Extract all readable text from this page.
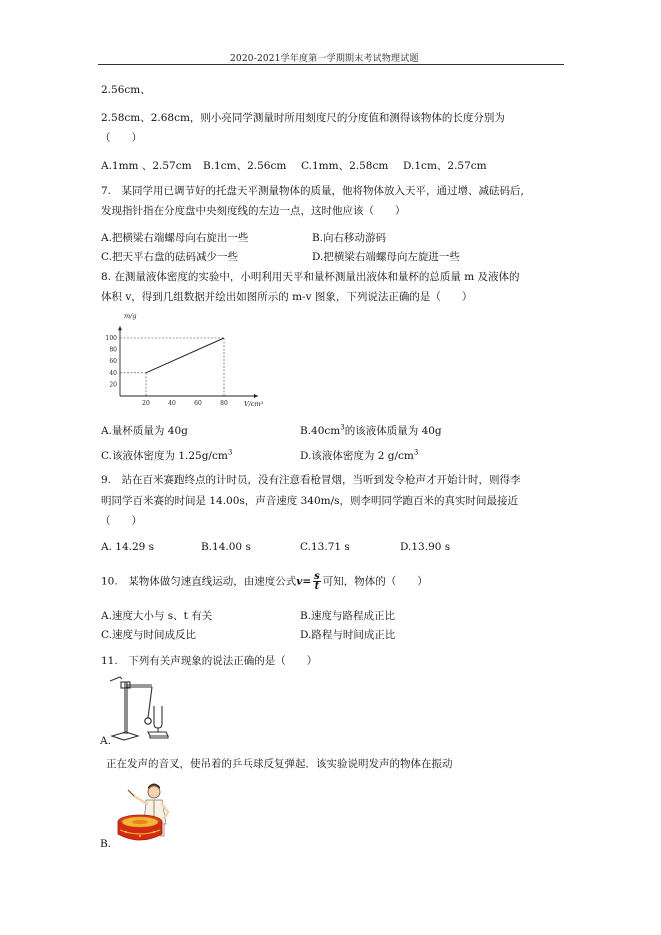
2020-2021学年度第一学期期末考试物理试题
2.56cm、
2.58cm、2.68cm，则小亮同学测量时所用刻度尺的分度值和测得该物体的长度分别为
（　　）
A.1mm 、2.57cm B.1cm、2.56cm C.1mm、2.58cm D.1cm、2.57cm
7.　某同学用已调节好的托盘天平测量物体的质量，他将物体放入天平，通过增、减砝码后,
发现指针指在分度盘中央刻度线的左边一点，这时他应该（　　）
A.把横梁右端螺母向右旋出一些	B.向右移动游码
C.把天平右盘的砝码减少一些	D.把横梁右端螺母向左旋进一些
8. 在测量液体密度的实验中，小明利用天平和量杯测量出液体和量杯的总质量 m 及液体的
体积 v，得到几组数据并绘出如图所示的 m-v 图象，下列说法正确的是（　　）
m/g
V/cm³
20
40
60
80
100
20	40	60	80
A.量杯质量为 40g	$B.40cm^3$的该液体质量为 40g
C.该液体密度为 $1.25g/cm^3$	D.该液体密度为 2 $g/cm^3$
9.　站在百米赛跑终点的计时员，没有注意看枪冒烟，当听到发令枪声才开始计时，则得李
明同学百米赛的时间是 14.00s，声音速度 340m/s，则李明同学跑百米的真实时间最接近
（　　）
A. 14.29 s	B.14.00 s	C.13.71 s	D.13.90 s
10.　某物体做匀速直线运动，由速度公式$v= \frac{s}{t}$ 可知，物体的（　　）
A.速度大小与 s、t 有关	B.速度与路程成正比
C.速度与时间成反比	D.路程与时间成正比
11.　下列有关声现象的说法正确的是（　　）
A.
正在发声的音叉，使吊着的乒乓球反复弹起．该实验说明发声的物体在振动
B.
